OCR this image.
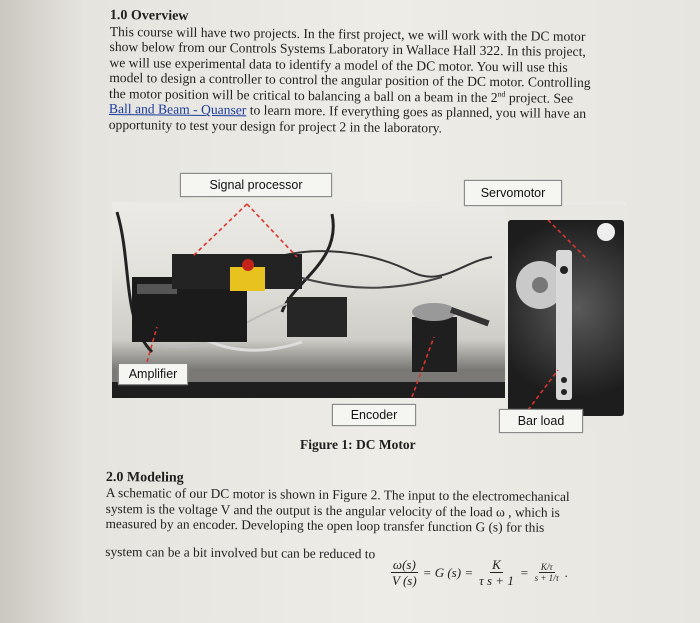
1.0 Overview
This course will have two projects. In the first project, we will work with the DC motor
show below from our Controls Systems Laboratory in Wallace Hall 322. In this project,
we will use experimental data to identify a model of the DC motor. You will use this
model to design a controller to control the angular position of the DC motor. Controlling
the motor position will be critical to balancing a ball on a beam in the 2nd project. See
Ball and Beam - Quanser to learn more. If everything goes as planned, you will have an
opportunity to test your design for project 2 in the laboratory.
Signal processor
Servomotor
Amplifier
Encoder	Bar load
Figure 1: DC Motor
2.0 Modeling
A schematic of our DC motor is shown in Figure 2. The input to the electromechanical
system is the voltage V and the output is the angular velocity of the load ω , which is
measured by an encoder. Developing the open loop transfer function G (s) for this
system can be a bit involved but can be reduced to
$\frac{\omega(s)}{V (s)} = G$ $(s) = \frac{K}{\text{τ s + 1}} = \frac{K/\tau}{s + 1/\tau}$ .
